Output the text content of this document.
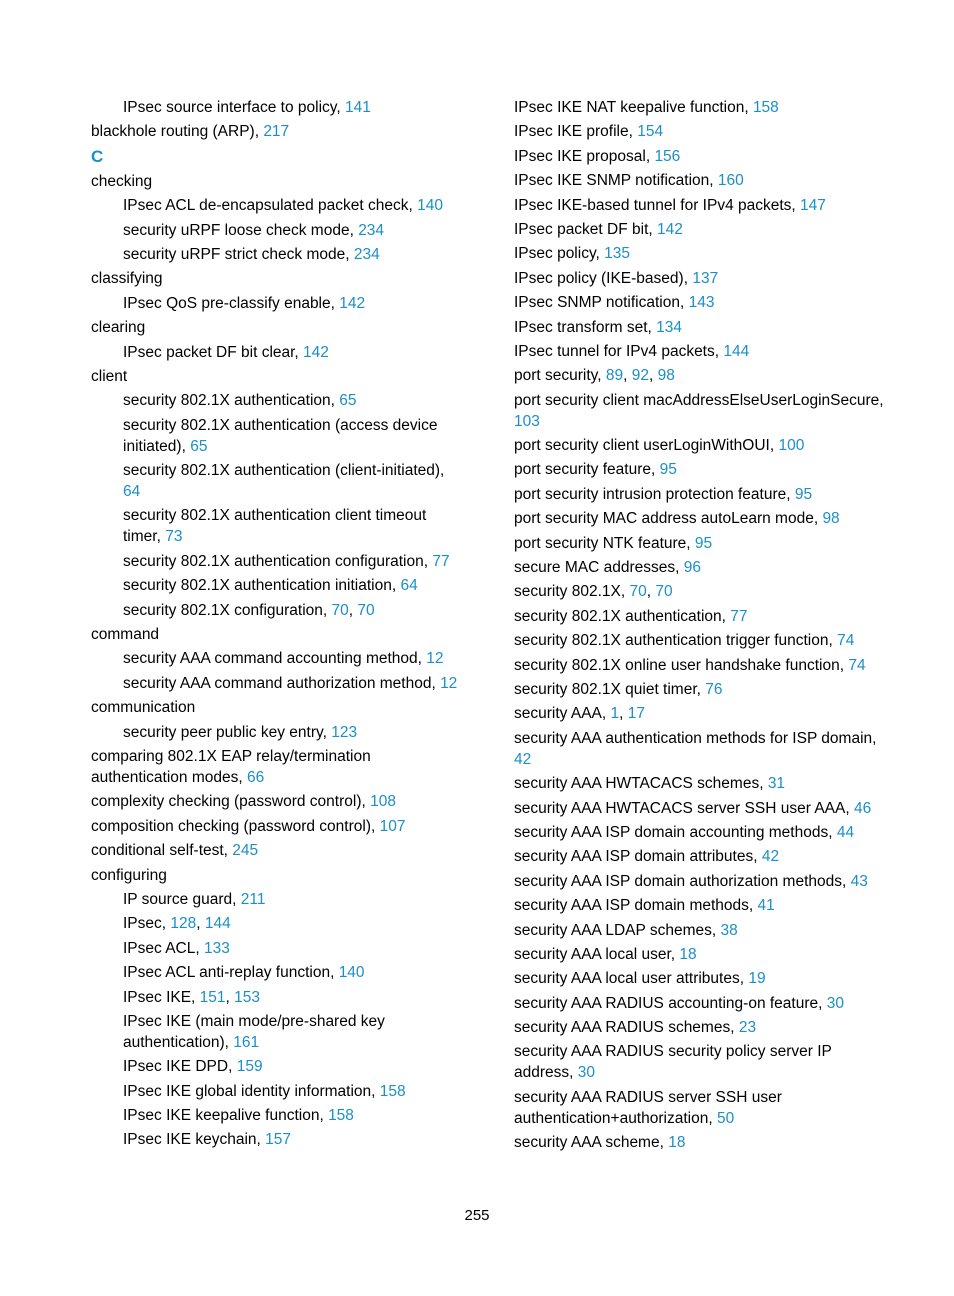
IPsec source interface to policy, 141
blackhole routing (ARP), 217
C
checking
IPsec ACL de-encapsulated packet check, 140
security uRPF loose check mode, 234
security uRPF strict check mode, 234
classifying
IPsec QoS pre-classify enable, 142
clearing
IPsec packet DF bit clear, 142
client
security 802.1X authentication, 65
security 802.1X authentication (access device initiated), 65
security 802.1X authentication (client-initiated), 64
security 802.1X authentication client timeout timer, 73
security 802.1X authentication configuration, 77
security 802.1X authentication initiation, 64
security 802.1X configuration, 70, 70
command
security AAA command accounting method, 12
security AAA command authorization method, 12
communication
security peer public key entry, 123
comparing 802.1X EAP relay/termination authentication modes, 66
complexity checking (password control), 108
composition checking (password control), 107
conditional self-test, 245
configuring
IP source guard, 211
IPsec, 128, 144
IPsec ACL, 133
IPsec ACL anti-replay function, 140
IPsec IKE, 151, 153
IPsec IKE (main mode/pre-shared key authentication), 161
IPsec IKE DPD, 159
IPsec IKE global identity information, 158
IPsec IKE keepalive function, 158
IPsec IKE keychain, 157
IPsec IKE NAT keepalive function, 158
IPsec IKE profile, 154
IPsec IKE proposal, 156
IPsec IKE SNMP notification, 160
IPsec IKE-based tunnel for IPv4 packets, 147
IPsec packet DF bit, 142
IPsec policy, 135
IPsec policy (IKE-based), 137
IPsec SNMP notification, 143
IPsec transform set, 134
IPsec tunnel for IPv4 packets, 144
port security, 89, 92, 98
port security client macAddressElseUserLoginSecure, 103
port security client userLoginWithOUI, 100
port security feature, 95
port security intrusion protection feature, 95
port security MAC address autoLearn mode, 98
port security NTK feature, 95
secure MAC addresses, 96
security 802.1X, 70, 70
security 802.1X authentication, 77
security 802.1X authentication trigger function, 74
security 802.1X online user handshake function, 74
security 802.1X quiet timer, 76
security AAA, 1, 17
security AAA authentication methods for ISP domain, 42
security AAA HWTACACS schemes, 31
security AAA HWTACACS server SSH user AAA, 46
security AAA ISP domain accounting methods, 44
security AAA ISP domain attributes, 42
security AAA ISP domain authorization methods, 43
security AAA ISP domain methods, 41
security AAA LDAP schemes, 38
security AAA local user, 18
security AAA local user attributes, 19
security AAA RADIUS accounting-on feature, 30
security AAA RADIUS schemes, 23
security AAA RADIUS security policy server IP address, 30
security AAA RADIUS server SSH user authentication+authorization, 50
security AAA scheme, 18
255
